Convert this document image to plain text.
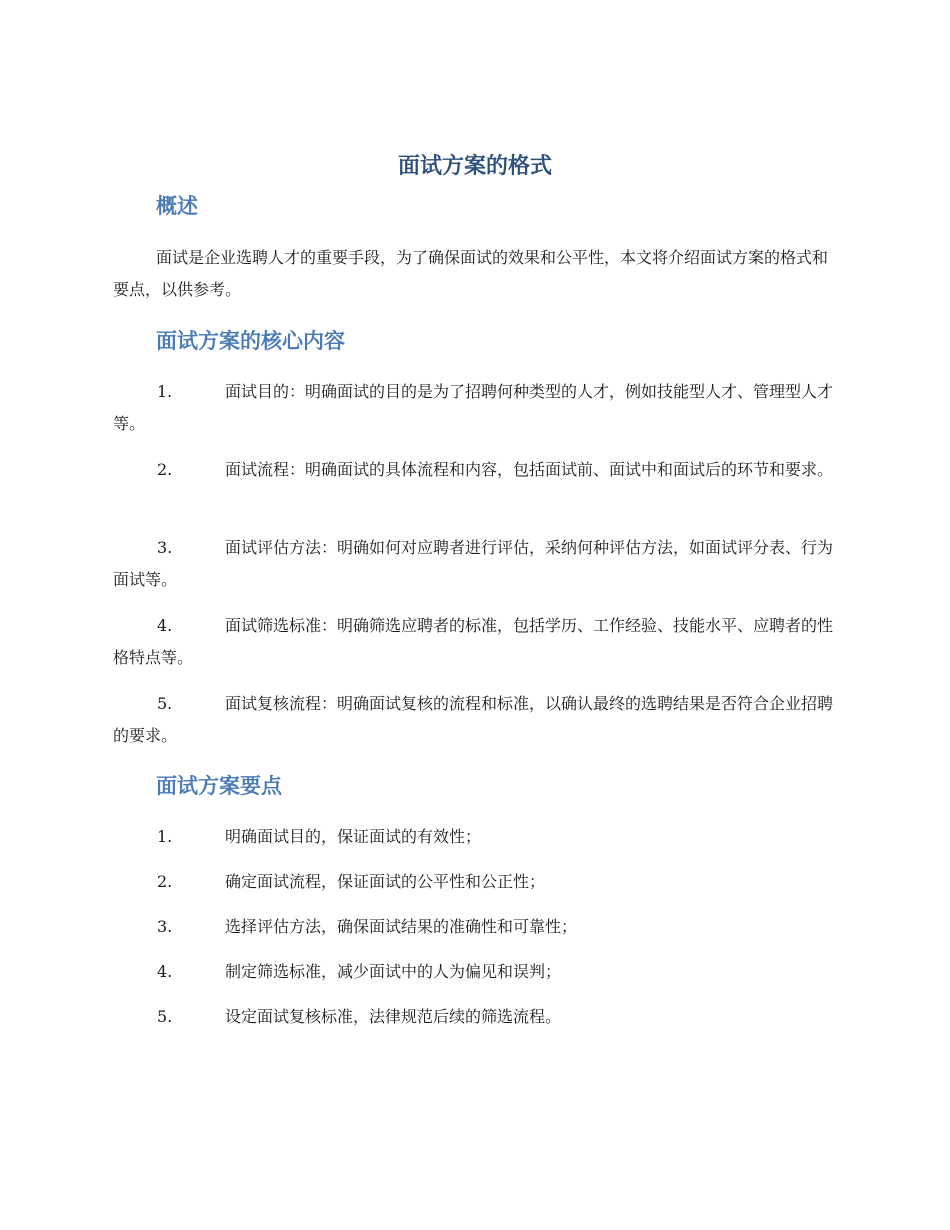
面试方案的格式
概述

面试是企业选聘人才的重要手段，为了确保面试的效果和公平性，本文将介绍面试方案的格式和要点，以供参考。

面试方案的核心内容

1.	面试目的：明确面试的目的是为了招聘何种类型的人才，例如技能型人才、管理型人才等。

2.	面试流程：明确面试的具体流程和内容，包括面试前、面试中和面试后的环节和要求。

3.	面试评估方法：明确如何对应聘者进行评估，采纳何种评估方法，如面试评分表、行为面试等。

4.	面试筛选标准：明确筛选应聘者的标准，包括学历、工作经验、技能水平、应聘者的性格特点等。

5.	面试复核流程：明确面试复核的流程和标准，以确认最终的选聘结果是否符合企业招聘的要求。

面试方案要点

1.	明确面试目的，保证面试的有效性；

2.	确定面试流程，保证面试的公平性和公正性；

3.	选择评估方法，确保面试结果的准确性和可靠性；

4.	制定筛选标准，减少面试中的人为偏见和误判；

5.	设定面试复核标准，法律规范后续的筛选流程。
